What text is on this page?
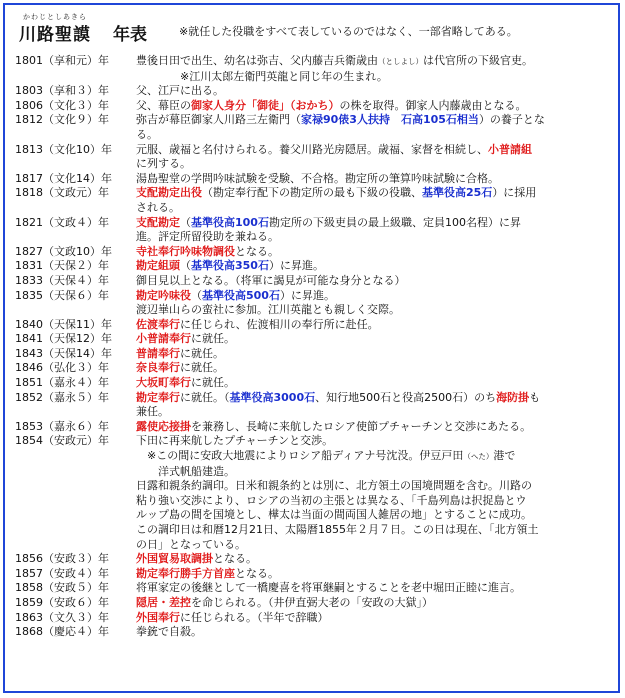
かわじとしあきら
川路聖謨 年表	※就任した役職をすべて表しているのではなく、一部省略してある。
1801（享和元）年	豊後日田で出生、幼名は弥吉、父内藤吉兵衛歳由（としよし）は代官所の下級官吏。
　　　　※江川太郎左衛門英龍と同じ年の生まれ。
1803（享和３）年	父、江戸に出る。
1806（文化３）年	父、幕臣の御家人身分「御徒」（おかち）の株を取得。御家人内藤歳由となる。
1812（文化９）年	弥吉が幕臣御家人川路三左衛門（家禄90俵3人扶持　石高105石相当）の養子とな
る。
1813（文化10）年	元服、歳福と名付けられる。養父川路光房隠居。歳福、家督を相続し、小普請組
に列する。
1817（文化14）年	湯島聖堂の学問吟味試験を受験、不合格。勘定所の筆算吟味試験に合格。
1818（文政元）年	支配勘定出役（勘定奉行配下の勘定所の最も下級の役職、基準役高25石）に採用
される。
1821（文政４）年	支配勘定（基準役高100石勘定所の下級吏員の最上級職、定員100名程）に昇
進。評定所留役助を兼ねる。
1827（文政10）年	寺社奉行吟味物調役となる。
1831（天保２）年	勘定組頭（基準役高350石）に昇進。
1833（天保４）年	御目見以上となる。（将軍に謁見が可能な身分となる）
1835（天保６）年	勘定吟味役（基準役高500石）に昇進。
渡辺崋山らの蛮社に参加。江川英龍とも親しく交際。
1840（天保11）年	佐渡奉行に任じられ、佐渡相川の奉行所に赴任。
1841（天保12）年	小普請奉行に就任。
1843（天保14）年	普請奉行に就任。
1846（弘化３）年	奈良奉行に就任。
1851（嘉永４）年	大坂町奉行に就任。
1852（嘉永５）年	勘定奉行に就任。（基準役高3000石、知行地500石と役高2500石）のち海防掛も
兼任。
1853（嘉永６）年	露使応接掛を兼務し、長崎に来航したロシア使節プチャーチンと交渉にあたる。
1854（安政元）年	下田に再来航したプチャーチンと交渉。
　※この間に安政大地震によりロシア船ディアナ号沈没。伊豆戸田（へた）港で
　　洋式帆船建造。
日露和親条約調印。日米和親条約とは別に、北方領土の国境問題を含む。川路の
粘り強い交渉により、ロシアの当初の主張とは異なる、「千島列島は択捉島とウ
ルップ島の間を国境とし、樺太は当面の間両国人雑居の地」とすることに成功。
この調印日は和暦12月21日、太陽暦1855年２月７日。この日は現在、「北方領土
の日」となっている。
1856（安政３）年	外国貿易取調掛となる。
1857（安政４）年	勘定奉行勝手方首座となる。
1858（安政５）年	将軍家定の後継として一橋慶喜を将軍継嗣とすることを老中堀田正睦に進言。
1859（安政６）年	隠居・差控を命じられる。（井伊直弼大老の「安政の大獄」）
1863（文久３）年	外国奉行に任じられる。（半年で辞職）
1868（慶応４）年	拳銃で自殺。
